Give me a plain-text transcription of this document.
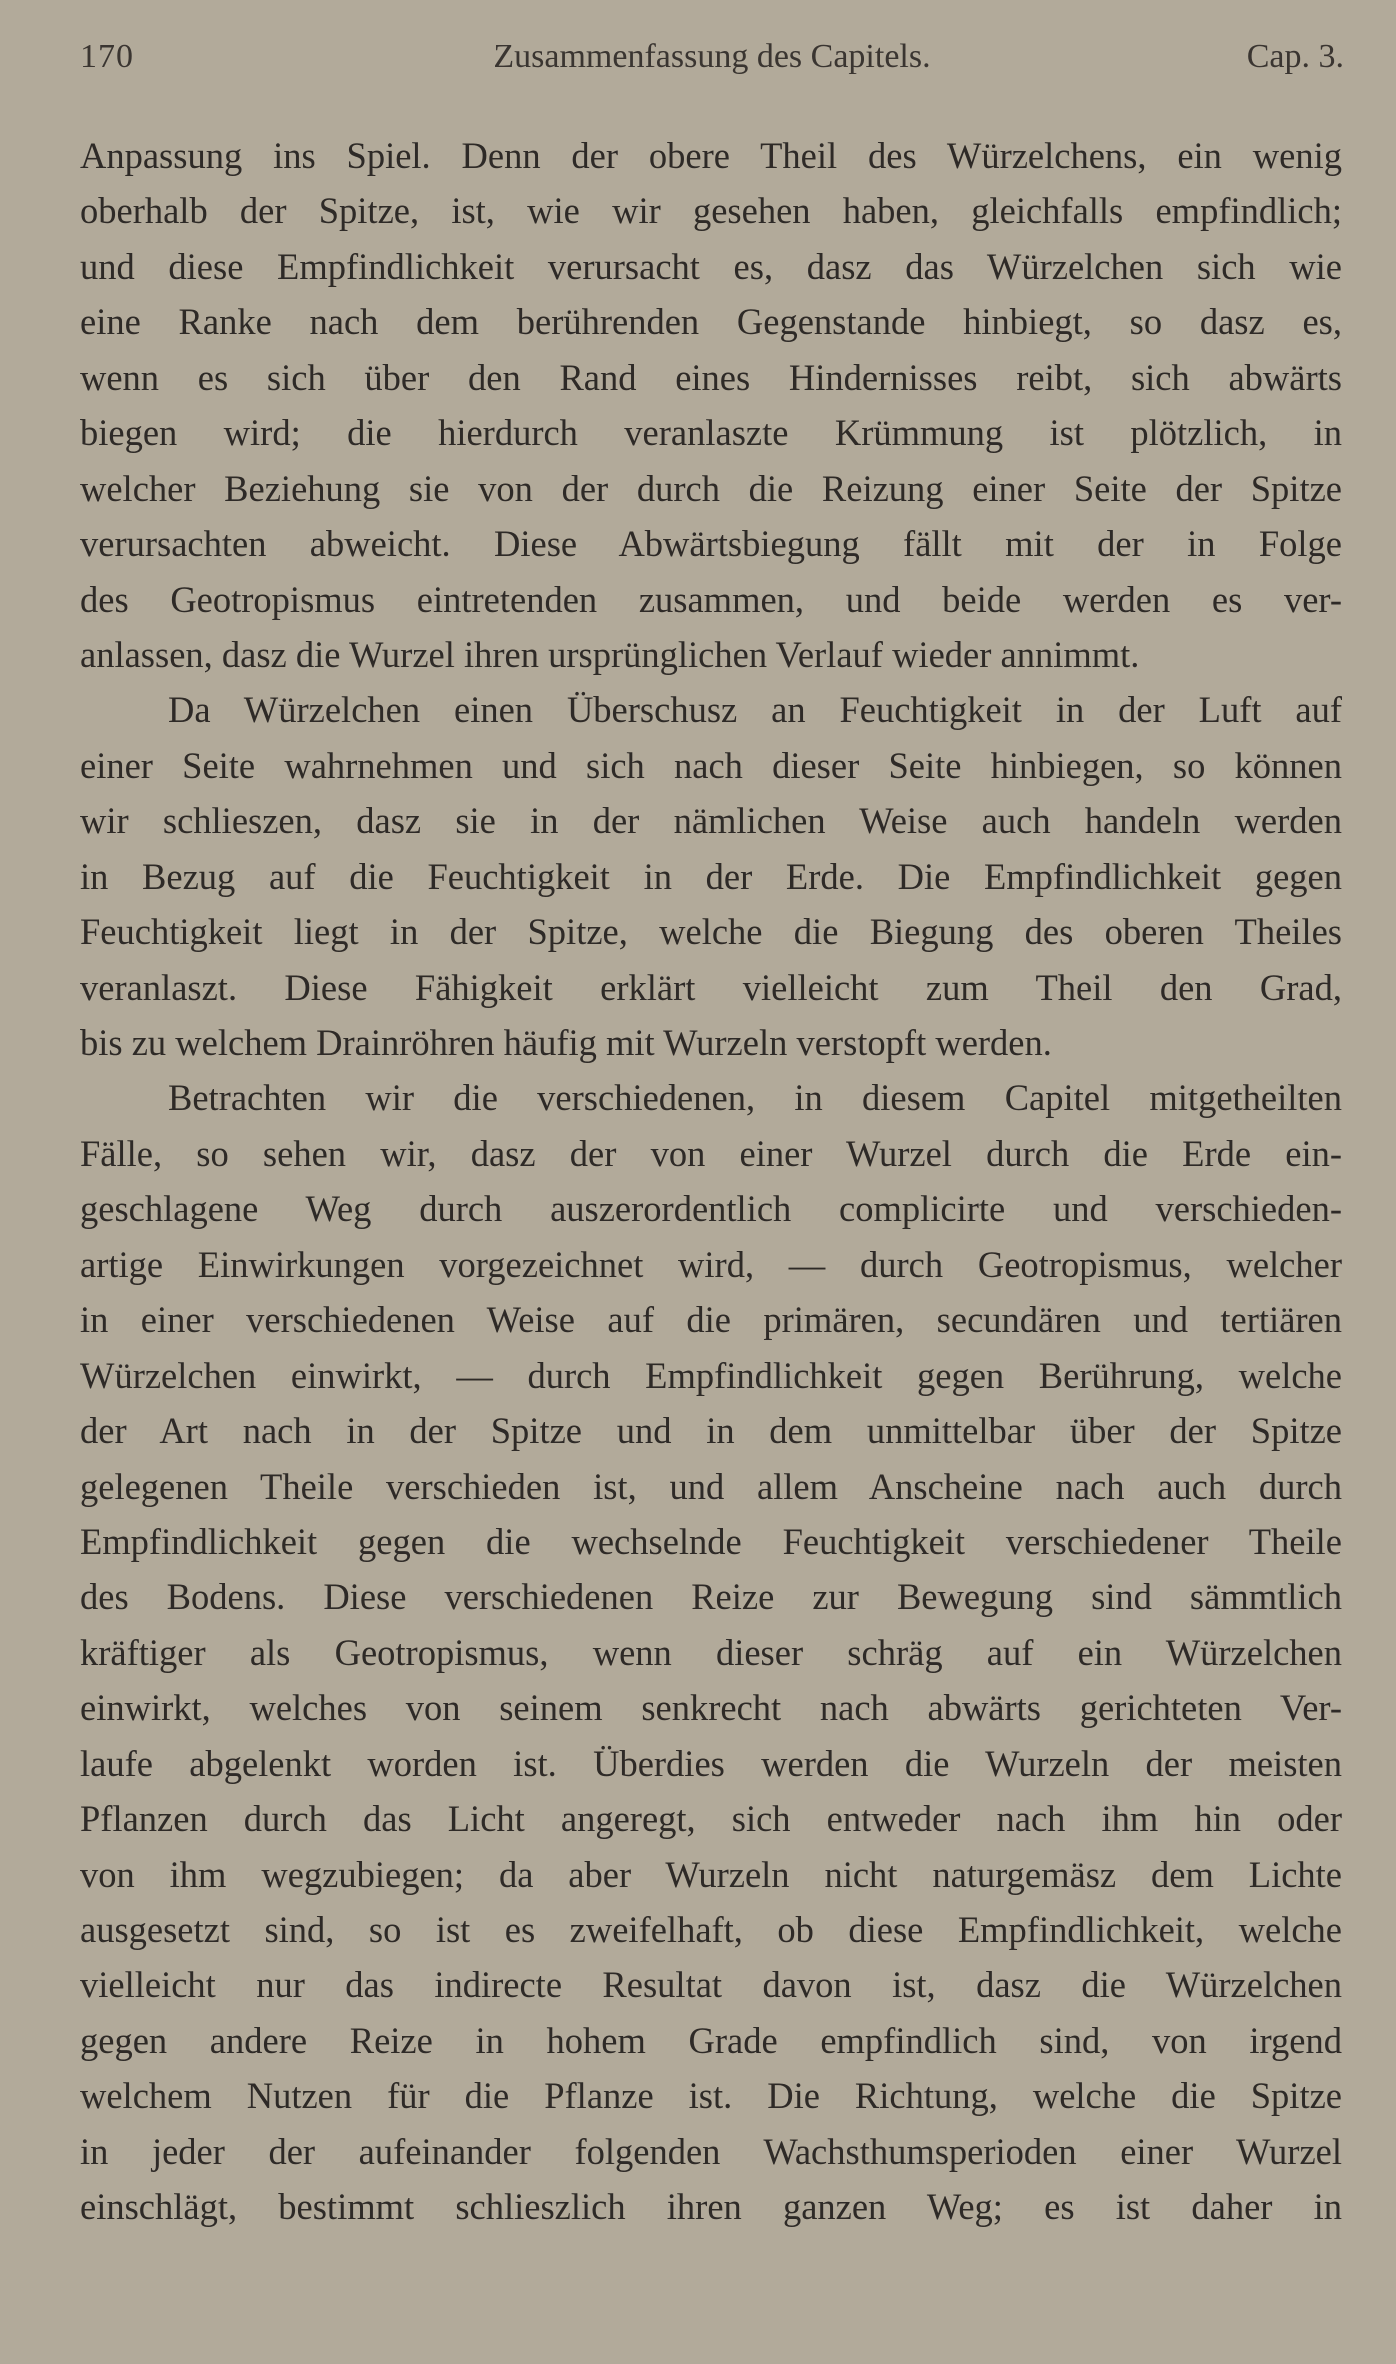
170	Zusammenfassung des Capitels.	Cap. 3.
Anpassung ins Spiel. Denn der obere Theil des Würzelchens, ein wenig
oberhalb der Spitze, ist, wie wir gesehen haben, gleichfalls empfindlich;
und diese Empfindlichkeit verursacht es, dasz das Würzelchen sich wie
eine Ranke nach dem berührenden Gegenstande hinbiegt, so dasz es,
wenn es sich über den Rand eines Hindernisses reibt, sich abwärts
biegen wird; die hierdurch veranlaszte Krümmung ist plötzlich, in
welcher Beziehung sie von der durch die Reizung einer Seite der Spitze
verursachten abweicht. Diese Abwärtsbiegung fällt mit der in Folge
des Geotropismus eintretenden zusammen, und beide werden es ver-
anlassen, dasz die Wurzel ihren ursprünglichen Verlauf wieder annimmt.
Da Würzelchen einen Überschusz an Feuchtigkeit in der Luft auf
einer Seite wahrnehmen und sich nach dieser Seite hinbiegen, so können
wir schlieszen, dasz sie in der nämlichen Weise auch handeln werden
in Bezug auf die Feuchtigkeit in der Erde. Die Empfindlichkeit gegen
Feuchtigkeit liegt in der Spitze, welche die Biegung des oberen Theiles
veranlaszt. Diese Fähigkeit erklärt vielleicht zum Theil den Grad,
bis zu welchem Drainröhren häufig mit Wurzeln verstopft werden.
Betrachten wir die verschiedenen, in diesem Capitel mitgetheilten
Fälle, so sehen wir, dasz der von einer Wurzel durch die Erde ein-
geschlagene Weg durch auszerordentlich complicirte und verschieden-
artige Einwirkungen vorgezeichnet wird, — durch Geotropismus, welcher
in einer verschiedenen Weise auf die primären, secundären und tertiären
Würzelchen einwirkt, — durch Empfindlichkeit gegen Berührung, welche
der Art nach in der Spitze und in dem unmittelbar über der Spitze
gelegenen Theile verschieden ist, und allem Anscheine nach auch durch
Empfindlichkeit gegen die wechselnde Feuchtigkeit verschiedener Theile
des Bodens. Diese verschiedenen Reize zur Bewegung sind sämmtlich
kräftiger als Geotropismus, wenn dieser schräg auf ein Würzelchen
einwirkt, welches von seinem senkrecht nach abwärts gerichteten Ver-
laufe abgelenkt worden ist. Überdies werden die Wurzeln der meisten
Pflanzen durch das Licht angeregt, sich entweder nach ihm hin oder
von ihm wegzubiegen; da aber Wurzeln nicht naturgemäsz dem Lichte
ausgesetzt sind, so ist es zweifelhaft, ob diese Empfindlichkeit, welche
vielleicht nur das indirecte Resultat davon ist, dasz die Würzelchen
gegen andere Reize in hohem Grade empfindlich sind, von irgend
welchem Nutzen für die Pflanze ist. Die Richtung, welche die Spitze
in jeder der aufeinander folgenden Wachsthumsperioden einer Wurzel
einschlägt, bestimmt schlieszlich ihren ganzen Weg; es ist daher in
